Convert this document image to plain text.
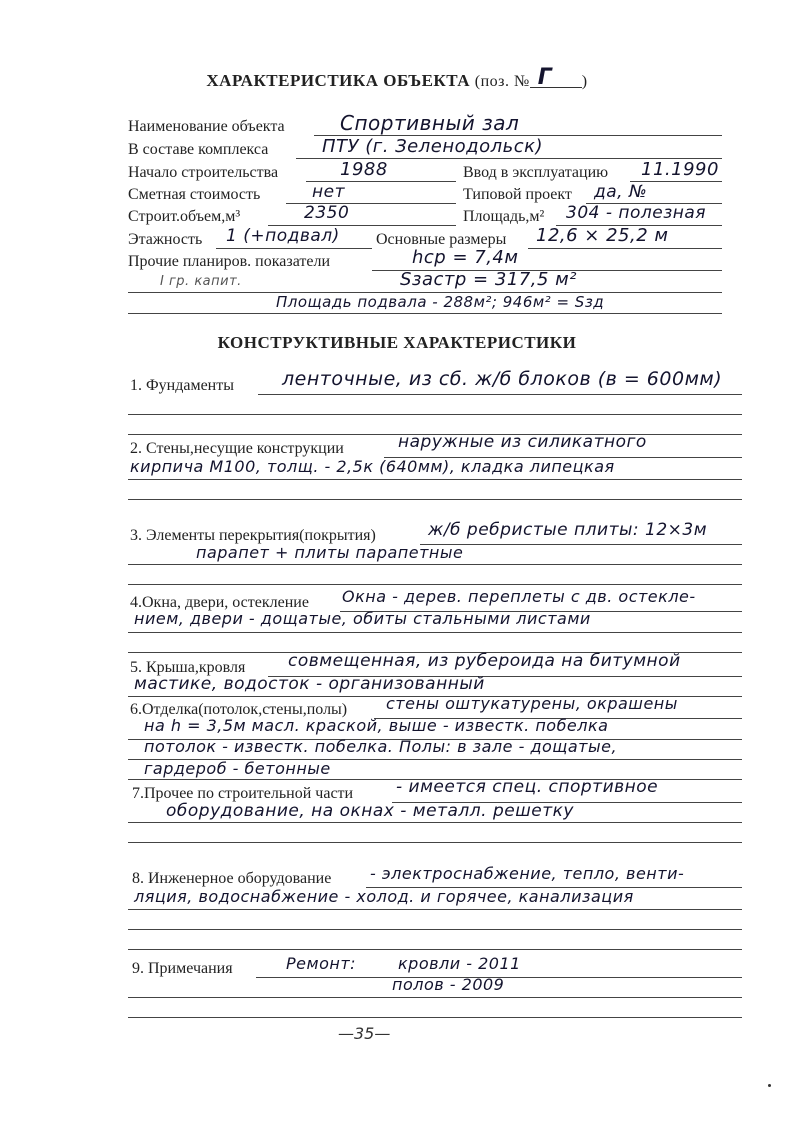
ХАРАКТЕРИСТИКА ОБЪЕКТА (поз. № Г )
Наименование объекта	Спортивный зал
В составе комплекса	ПТУ (г. Зеленодольск)
Начало строительства	1988	Ввод в эксплуатацию 11.1990
Сметная стоимость	нет	Типовой проект да, №
Строит.объем,м³	2350	Площадь,м² 304 - полезная
Этажность 1 (+подвал) Основные размеры 12,6 × 25,2 м
Прочие планиров. показатели	hср = 7,4м
I гр. капит.	Sзастр = 317,5 м²
Площадь подвала - 288м²; 946м² = Sзд
КОНСТРУКТИВНЫЕ ХАРАКТЕРИСТИКИ
1. Фундаменты	ленточные, из сб. ж/б блоков (в = 600мм)
2. Стены,несущие конструкции	наружные из силикатного
кирпича М100, толщ. - 2,5к (640мм), кладка липецкая
3. Элементы перекрытия(покрытия)	ж/б ребристые плиты: 12×3м
парапет + плиты парапетные
4.Окна, двери, остекление Окна - дерев. переплеты с дв. остекле-
нием, двери - дощатые, обиты стальными листами
5. Крыша,кровля	совмещенная, из рубероида на битумной
мастике, водосток - организованный
6.Отделка(потолок,стены,полы) стены оштукатурены, окрашены
на h = 3,5м масл. краской, выше - известк. побелка
потолок - известк. побелка. Полы: в зале - дощатые,
гардероб - бетонные
7.Прочее по строительной части	- имеется спец. спортивное
оборудование, на окнах - металл. решетку
8. Инженерное оборудование - электроснабжение, тепло, венти-
ляция, водоснабжение - холод. и горячее, канализация
9. Примечания	Ремонт:	кровли - 2011
полов - 2009
—35—
